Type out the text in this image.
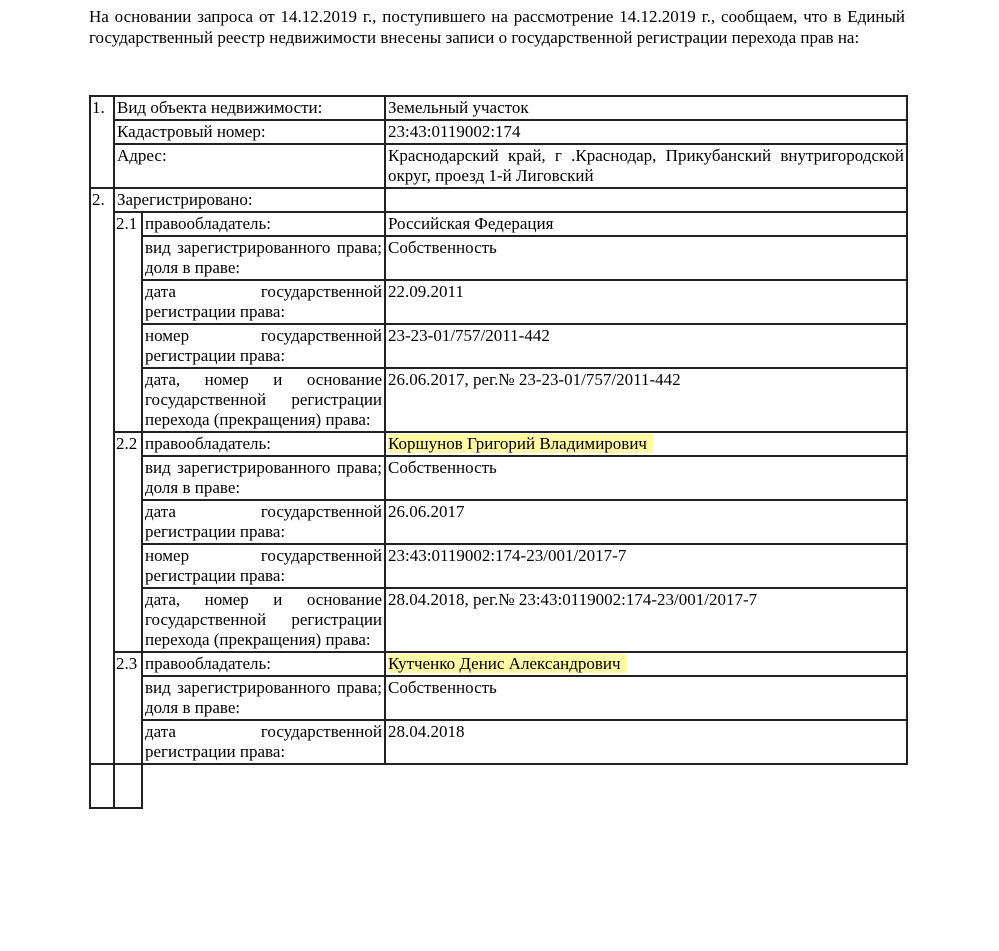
На основании запроса от 14.12.2019 г., поступившего на рассмотрение 14.12.2019 г., сообщаем, что в Единый государственный реестр недвижимости внесены записи о государственной регистрации перехода прав на:
1.	Вид объекта недвижимости:		Земельный участок
	Кадастровый номер:		23:43:0119002:174
	Адрес:		Краснодарский край, г .Краснодар, Прикубанский внутригородской округ, проезд 1-й Лиговский
2.	Зарегистрировано:		
	2.1	правообладатель:	Российская Федерация
		вид зарегистрированного права; доля в праве:	Собственность
		дата государственной регистрации права:	22.09.2011
		номер государственной регистрации права:	23-23-01/757/2011-442
		дата, номер и основание государственной регистрации перехода (прекращения) права:	26.06.2017, рег.№ 23-23-01/757/2011-442
	2.2	правообладатель:	Коршунов Григорий Владимирович
		вид зарегистрированного права; доля в праве:	Собственность
		дата государственной регистрации права:	26.06.2017
		номер государственной регистрации права:	23:43:0119002:174-23/001/2017-7
		дата, номер и основание государственной регистрации перехода (прекращения) права:	28.04.2018, рег.№ 23:43:0119002:174-23/001/2017-7
	2.3	правообладатель:	Кутченко Денис Александрович
		вид зарегистрированного права; доля в праве:	Собственность
		дата государственной регистрации права:	28.04.2018
